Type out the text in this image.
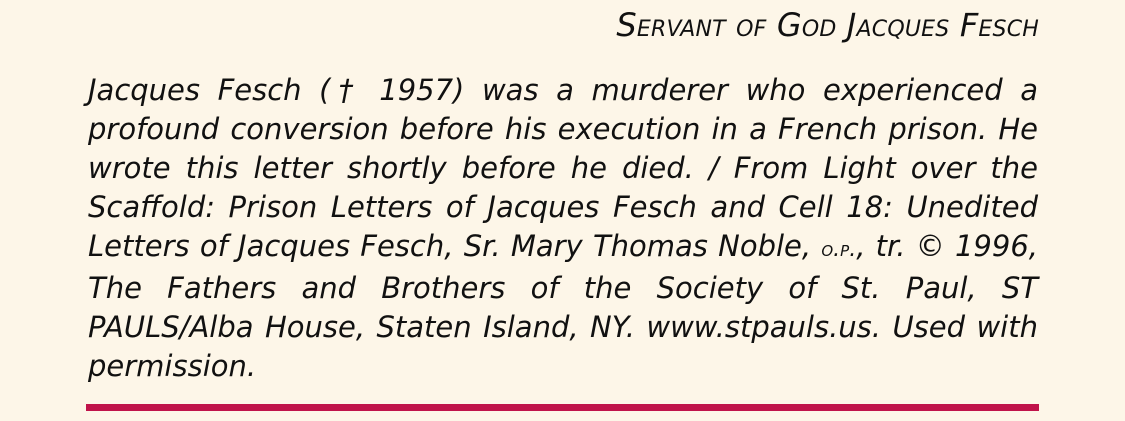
Servant of God Jacques Fesch
Jacques Fesch († 1957) was a murderer who experienced a profound conversion before his execution in a French prison. He wrote this letter shortly before he died. / From Light over the Scaffold: Prison Letters of Jacques Fesch and Cell 18: Unedited Letters of Jacques Fesch, Sr. Mary Thomas Noble, o.p., tr. © 1996, The Fathers and Brothers of the Society of St. Paul, ST PAULS/Alba House, Staten Island, NY. www.stpauls.us. Used with permission.
